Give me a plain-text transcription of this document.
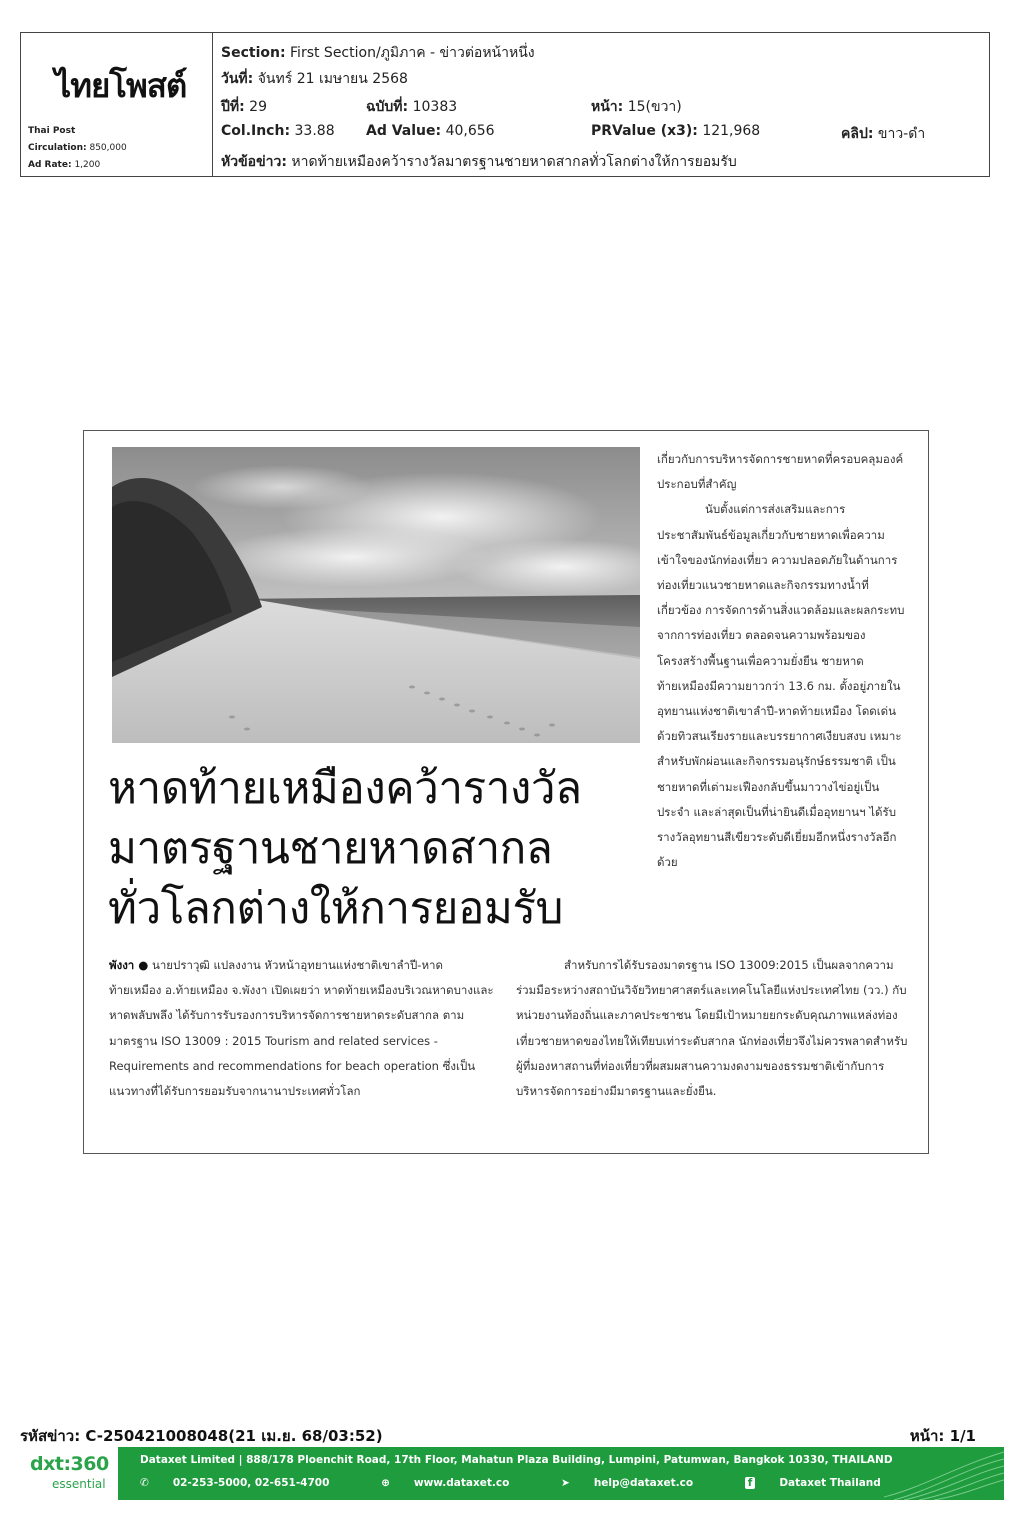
ไทยโพสต์
Thai Post
Circulation: 850,000
Ad Rate: 1,200
Section: First Section/ภูมิภาค - ข่าวต่อหน้าหนึ่ง
วันที่: จันทร์ 21 เมษายน 2568
ปีที่: 29	ฉบับที่: 10383	หน้า: 15(ขวา)
Col.Inch: 33.88 Ad Value: 40,656	PRValue (x3): 121,968	คลิป: ขาว-ดำ
หัวข้อข่าว: หาดท้ายเหมืองคว้ารางวัลมาตรฐานชายหาดสากลทั่วโลกต่างให้การยอมรับ
หาดท้ายเหมืองคว้ารางวัล
มาตรฐานชายหาดสากล
ทั่วโลกต่างให้การยอมรับ

เกี่ยวกับการบริหารจัดการชายหาดที่ครอบคลุมองค์ประกอบที่สำคัญ

นับตั้งแต่การส่งเสริมและการประชาสัมพันธ์ข้อมูลเกี่ยวกับชายหาดเพื่อความเข้าใจของนักท่องเที่ยว ความปลอดภัยในด้านการท่องเที่ยวแนวชายหาดและกิจกรรมทางน้ำที่เกี่ยวข้อง การจัดการด้านสิ่งแวดล้อมและผลกระทบจากการท่องเที่ยว ตลอดจนความพร้อมของโครงสร้างพื้นฐานเพื่อความยั่งยืน ชายหาดท้ายเหมืองมีความยาวกว่า 13.6 กม. ตั้งอยู่ภายในอุทยานแห่งชาติเขาลำปี-หาดท้ายเหมือง โดดเด่นด้วยทิวสนเรียงรายและบรรยากาศเงียบสงบ เหมาะสำหรับพักผ่อนและกิจกรรมอนุรักษ์ธรรมชาติ เป็นชายหาดที่เต่ามะเฟืองกลับขึ้นมาวางไข่อยู่เป็นประจำ และล่าสุดเป็นที่น่ายินดีเมื่ออุทยานฯ ได้รับรางวัลอุทยานสีเขียวระดับดีเยี่ยมอีกหนึ่งรางวัลอีกด้วย

พังงา ● นายปราวุฒิ แปลงงาน หัวหน้าอุทยานแห่งชาติเขาลำปี-หาดท้ายเหมือง อ.ท้ายเหมือง จ.พังงา เปิดเผยว่า หาดท้ายเหมืองบริเวณหาดบางและหาดพลับพลึง ได้รับการรับรองการบริหารจัดการชายหาดระดับสากล ตามมาตรฐาน ISO 13009 : 2015 Tourism and related services - Requirements and recommendations for beach operation ซึ่งเป็นแนวทางที่ได้รับการยอมรับจากนานาประเทศทั่วโลก

สำหรับการได้รับรองมาตรฐาน ISO 13009:2015 เป็นผลจากความร่วมมือระหว่างสถาบันวิจัยวิทยาศาสตร์และเทคโนโลยีแห่งประเทศไทย (วว.) กับหน่วยงานท้องถิ่นและภาคประชาชน โดยมีเป้าหมายยกระดับคุณภาพแหล่งท่องเที่ยวชายหาดของไทยให้เทียบเท่าระดับสากล นักท่องเที่ยวจึงไม่ควรพลาดสำหรับผู้ที่มองหาสถานที่ท่องเที่ยวที่ผสมผสานความงดงามของธรรมชาติเข้ากับการบริหารจัดการอย่างมีมาตรฐานและยั่งยืน.

รหัสข่าว: C-250421008048(21 เม.ย. 68/03:52)	หน้า: 1/1
dxt:360
essential
Dataxet Limited | 888/178 Ploenchit Road, 17th Floor, Mahatun Plaza Building, Lumpini, Patumwan, Bangkok 10330, THAILAND
✆ 02-253-5000, 02-651-4700	⊕ www.dataxet.co	➤ help@dataxet.co	f	Dataxet Thailand
